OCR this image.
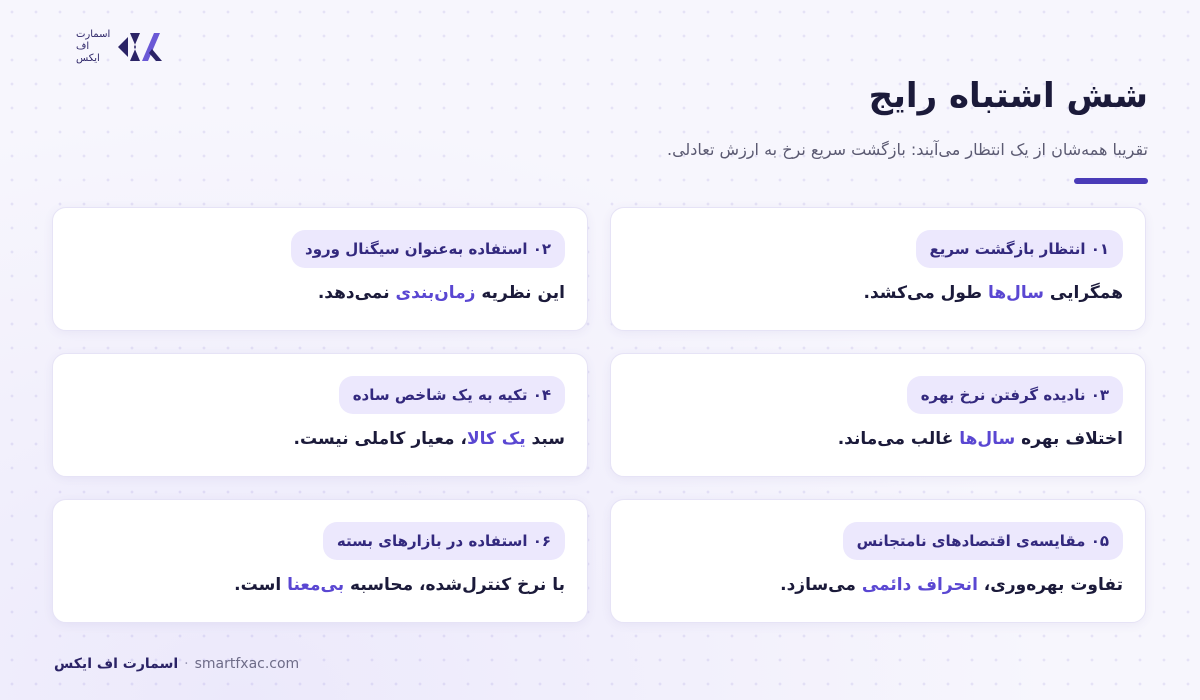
اسمارت
اف
ایکس
شش اشتباه رایج

تقریبا همه‌شان از یک انتظار می‌آیند: بازگشت سریع نرخ به ارزش تعادلی.

۰۱ انتظار بازگشت سریع
همگرایی سال‌ها طول می‌کشد.
۰۲ استفاده به‌عنوان سیگنال ورود
این نظریه زمان‌بندی نمی‌دهد.
۰۳ نادیده گرفتن نرخ بهره
اختلاف بهره سال‌ها غالب می‌ماند.
۰۴ تکیه به یک شاخص ساده
سبد یک کالا، معیار کاملی نیست.
۰۵ مقایسه‌ی اقتصادهای نامتجانس
تفاوت بهره‌وری، انحراف دائمی می‌سازد.
۰۶ استفاده در بازارهای بسته
با نرخ کنترل‌شده، محاسبه بی‌معنا است.
اسمارت اف ایکس · smartfxac.com
